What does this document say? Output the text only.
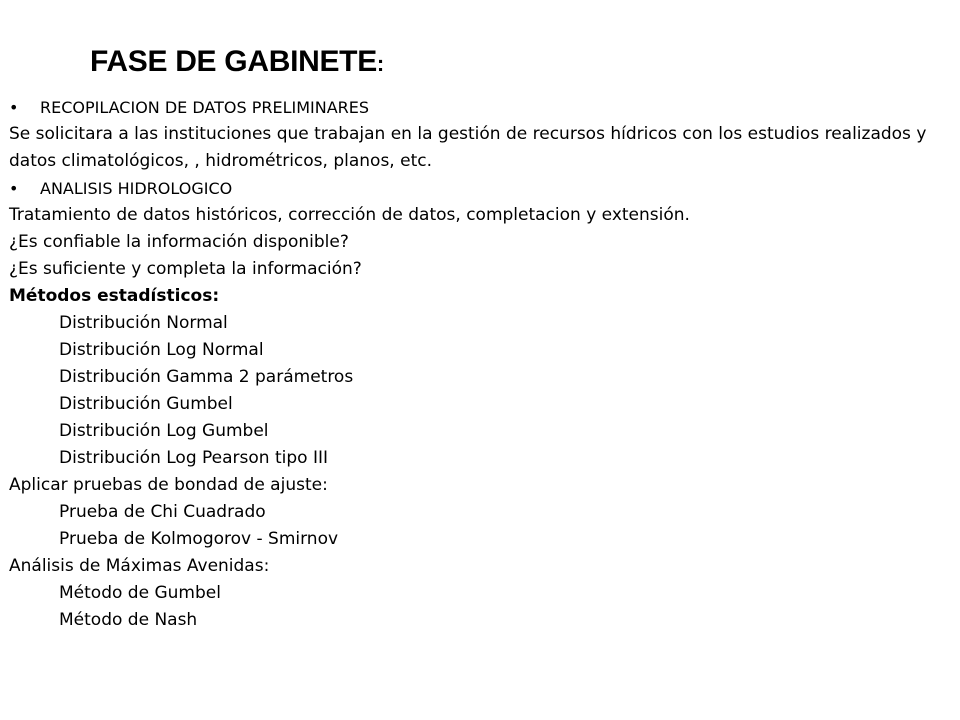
FASE DE GABINETE:
• RECOPILACION DE DATOS PRELIMINARES
Se solicitara a las instituciones que trabajan en la gestión de recursos hídricos con los estudios realizados y datos climatológicos, , hidrométricos, planos, etc.
• ANALISIS HIDROLOGICO
Tratamiento de datos históricos, corrección de datos, completacion y extensión.
¿Es confiable la información disponible?
¿Es suficiente y completa la información?
Métodos estadísticos:
Distribución Normal
Distribución Log Normal
Distribución Gamma 2 parámetros
Distribución Gumbel
Distribución Log Gumbel
Distribución Log Pearson tipo III
Aplicar pruebas de bondad de ajuste:
Prueba de Chi Cuadrado
Prueba de Kolmogorov - Smirnov
Análisis de Máximas Avenidas:
Método de Gumbel
Método de Nash
